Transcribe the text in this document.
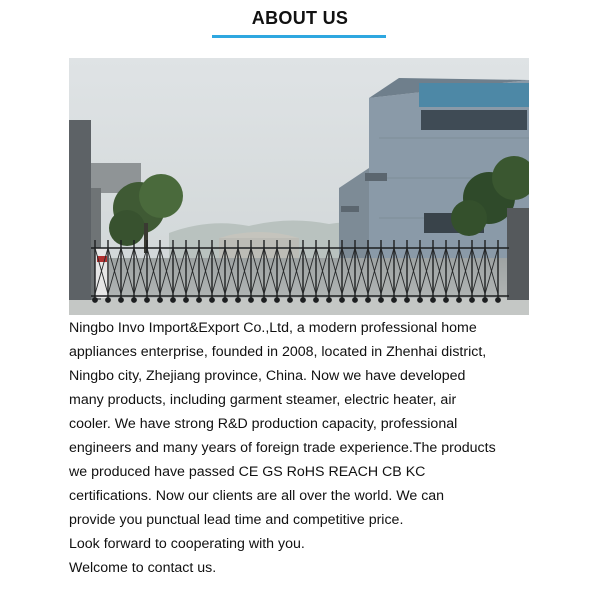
ABOUT US
Ningbo Invo Import&Export Co.,Ltd, a modern professional home
appliances enterprise, founded in 2008, located in Zhenhai district,
Ningbo city, Zhejiang province, China. Now we have developed
many products, including garment steamer, electric heater, air
cooler. We have strong R&D production capacity, professional
engineers and many years of foreign trade experience.The products
we produced have passed CE GS RoHS REACH CB KC
certifications. Now our clients are all over the world. We can
provide you punctual lead time and competitive price.
Look forward to cooperating with you.
Welcome to contact us.
